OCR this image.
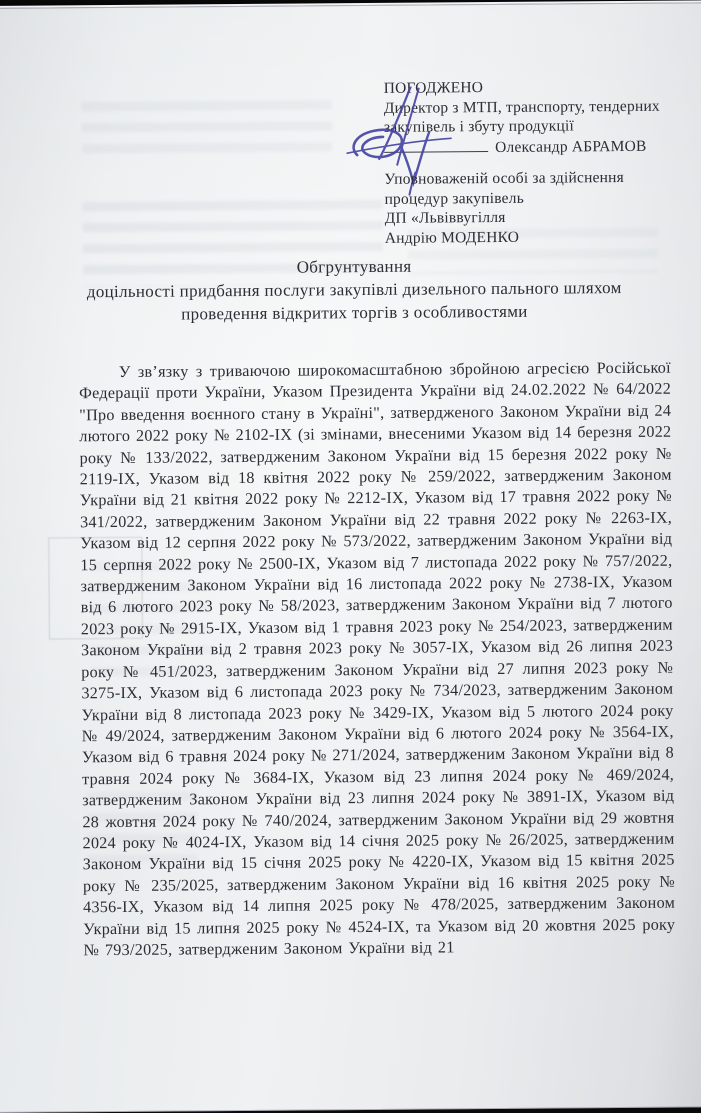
ПОГОДЖЕНО
Директор з МТП, транспорту, тендерних
закупівель і збуту продукції
Олександр АБРАМОВ
Уповноваженій особі за здійснення
процедур закупівель
ДП «Львіввугілля
Андрію МОДЕНКО
Обгрунтування
доцільності придбання послуги закупівлі дизельного пального шляхом
проведення відкритих торгів з особливостями

У зв’язку з триваючою широкомасштабною збройною агресією Російської Федерації проти України, Указом Президента України від 24.02.2022 № 64/2022 "Про введення воєнного стану в Україні", затвердженого Законом України від 24 лютого 2022 року № 2102-IX (зі змінами, внесеними Указом від 14 березня 2022 року № 133/2022, затвердженим Законом України від 15 березня 2022 року № 2119-IX, Указом від 18 квітня 2022 року № 259/2022, затвердженим Законом України від 21 квітня 2022 року № 2212-IX, Указом від 17 травня 2022 року № 341/2022, затвердженим Законом України від 22 травня 2022 року № 2263-IX, Указом від 12 серпня 2022 року № 573/2022, затвердженим Законом України від 15 серпня 2022 року № 2500-IX, Указом від 7 листопада 2022 року № 757/2022, затвердженим Законом України від 16 листопада 2022 року № 2738-IX, Указом від 6 лютого 2023 року № 58/2023, затвердженим Законом України від 7 лютого 2023 року № 2915-IX, Указом від 1 травня 2023 року № 254/2023, затвердженим Законом України від 2 травня 2023 року № 3057-IX, Указом від 26 липня 2023 року № 451/2023, затвердженим Законом України від 27 липня 2023 року № 3275-IX, Указом від 6 листопада 2023 року № 734/2023, затвердженим Законом України від 8 листопада 2023 року № 3429-IX, Указом від 5 лютого 2024 року № 49/2024, затвердженим Законом України від 6 лютого 2024 року № 3564-IX, Указом від 6 травня 2024 року № 271/2024, затвердженим Законом України від 8 травня 2024 року № 3684-IX, Указом від 23 липня 2024 року № 469/2024, затвердженим Законом України від 23 липня 2024 року № 3891-IX, Указом від 28 жовтня 2024 року № 740/2024, затвердженим Законом України від 29 жовтня 2024 року № 4024-IX, Указом від 14 січня 2025 року № 26/2025, затвердженим Законом України від 15 січня 2025 року № 4220-IX, Указом від 15 квітня 2025 року № 235/2025, затвердженим Законом України від 16 квітня 2025 року № 4356-IX, Указом від 14 липня 2025 року № 478/2025, затвердженим Законом України від 15 липня 2025 року № 4524-IX, та Указом від 20 жовтня 2025 року № 793/2025, затвердженим Законом України від 21
